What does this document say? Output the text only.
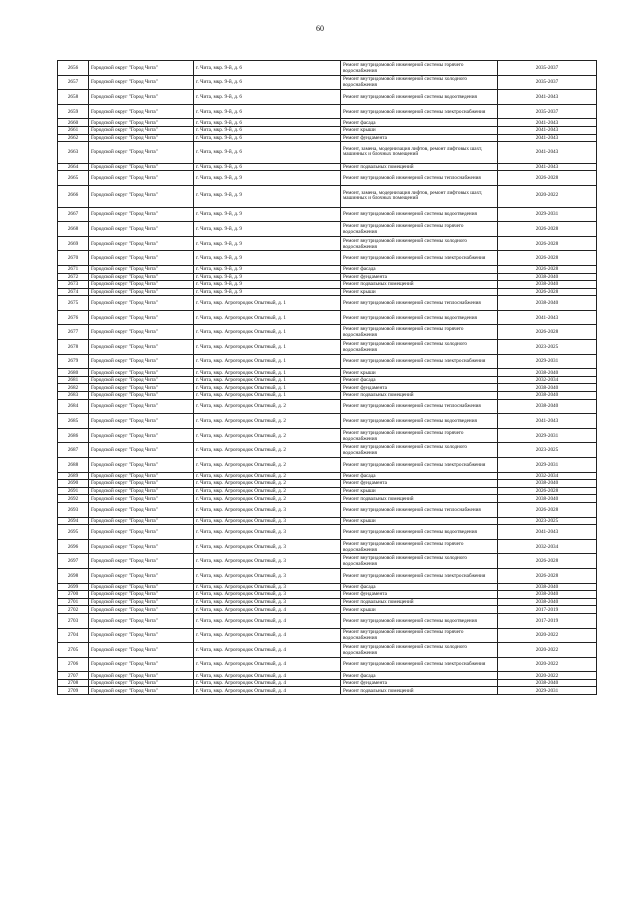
60
2656	Городской округ "Город Чита"	г. Чита, мкр. 9-й, д. 6	Ремонт внутридомовой инженерной системы горячего водоснабжения	2035-2037
2657	Городской округ "Город Чита"	г. Чита, мкр. 9-й, д. 6	Ремонт внутридомовой инженерной системы холодного водоснабжения	2035-2037
2658	Городской округ "Город Чита"	г. Чита, мкр. 9-й, д. 6	Ремонт внутридомовой инженерной системы водоотведения	2041-2043
2659	Городской округ "Город Чита"	г. Чита, мкр. 9-й, д. 6	Ремонт внутридомовой инженерной системы электроснабжения	2035-2037
2660	Городской округ "Город Чита"	г. Чита, мкр. 9-й, д. 6	Ремонт фасада	2041-2043
2661	Городской округ "Город Чита"	г. Чита, мкр. 9-й, д. 6	Ремонт крыши	2041-2043
2662	Городской округ "Город Чита"	г. Чита, мкр. 9-й, д. 6	Ремонт фундамента	2041-2043
2663	Городской округ "Город Чита"	г. Чита, мкр. 9-й, д. 6	Ремонт, замена, модернизация лифтов, ремонт лифтовых шахт, машинных и блочных помещений	2041-2043
2664	Городской округ "Город Чита"	г. Чита, мкр. 9-й, д. 6	Ремонт подвальных помещений	2041-2043
2665	Городской округ "Город Чита"	г. Чита, мкр. 9-й, д. 9	Ремонт внутридомовой инженерной системы теплоснабжения	2026-2028
2666	Городской округ "Город Чита"	г. Чита, мкр. 9-й, д. 9	Ремонт, замена, модернизация лифтов, ремонт лифтовых шахт, машинных и блочных помещений	2020-2022
2667	Городской округ "Город Чита"	г. Чита, мкр. 9-й, д. 9	Ремонт внутридомовой инженерной системы водоотведения	2029-2031
2668	Городской округ "Город Чита"	г. Чита, мкр. 9-й, д. 9	Ремонт внутридомовой инженерной системы горячего водоснабжения	2026-2028
2669	Городской округ "Город Чита"	г. Чита, мкр. 9-й, д. 9	Ремонт внутридомовой инженерной системы холодного водоснабжения	2026-2028
2670	Городской округ "Город Чита"	г. Чита, мкр. 9-й, д. 9	Ремонт внутридомовой инженерной системы электроснабжения	2026-2028
2671	Городской округ "Город Чита"	г. Чита, мкр. 9-й, д. 9	Ремонт фасада	2026-2028
2672	Городской округ "Город Чита"	г. Чита, мкр. 9-й, д. 9	Ремонт фундамента	2038-2040
2673	Городской округ "Город Чита"	г. Чита, мкр. 9-й, д. 9	Ремонт подвальных помещений	2038-2040
2674	Городской округ "Город Чита"	г. Чита, мкр. 9-й, д. 9	Ремонт крыши	2026-2028
2675	Городской округ "Город Чита"	г. Чита, мкр. Агрогородок Опытный, д. 1	Ремонт внутридомовой инженерной системы теплоснабжения	2038-2040
2676	Городской округ "Город Чита"	г. Чита, мкр. Агрогородок Опытный, д. 1	Ремонт внутридомовой инженерной системы водоотведения	2041-2043
2677	Городской округ "Город Чита"	г. Чита, мкр. Агрогородок Опытный, д. 1	Ремонт внутридомовой инженерной системы горячего водоснабжения	2026-2028
2678	Городской округ "Город Чита"	г. Чита, мкр. Агрогородок Опытный, д. 1	Ремонт внутридомовой инженерной системы холодного водоснабжения	2023-2025
2679	Городской округ "Город Чита"	г. Чита, мкр. Агрогородок Опытный, д. 1	Ремонт внутридомовой инженерной системы электроснабжения	2029-2031
2680	Городской округ "Город Чита"	г. Чита, мкр. Агрогородок Опытный, д. 1	Ремонт крыши	2038-2040
2681	Городской округ "Город Чита"	г. Чита, мкр. Агрогородок Опытный, д. 1	Ремонт фасада	2032-2034
2682	Городской округ "Город Чита"	г. Чита, мкр. Агрогородок Опытный, д. 1	Ремонт фундамента	2038-2040
2683	Городской округ "Город Чита"	г. Чита, мкр. Агрогородок Опытный, д. 1	Ремонт подвальных помещений	2038-2040
2684	Городской округ "Город Чита"	г. Чита, мкр. Агрогородок Опытный, д. 2	Ремонт внутридомовой инженерной системы теплоснабжения	2038-2040
2685	Городской округ "Город Чита"	г. Чита, мкр. Агрогородок Опытный, д. 2	Ремонт внутридомовой инженерной системы водоотведения	2041-2043
2686	Городской округ "Город Чита"	г. Чита, мкр. Агрогородок Опытный, д. 2	Ремонт внутридомовой инженерной системы горячего водоснабжения	2029-2031
2687	Городской округ "Город Чита"	г. Чита, мкр. Агрогородок Опытный, д. 2	Ремонт внутридомовой инженерной системы холодного водоснабжения	2023-2025
2688	Городской округ "Город Чита"	г. Чита, мкр. Агрогородок Опытный, д. 2	Ремонт внутридомовой инженерной системы электроснабжения	2029-2031
2689	Городской округ "Город Чита"	г. Чита, мкр. Агрогородок Опытный, д. 2	Ремонт фасада	2032-2034
2690	Городской округ "Город Чита"	г. Чита, мкр. Агрогородок Опытный, д. 2	Ремонт фундамента	2038-2040
2691	Городской округ "Город Чита"	г. Чита, мкр. Агрогородок Опытный, д. 2	Ремонт крыши	2026-2028
2692	Городской округ "Город Чита"	г. Чита, мкр. Агрогородок Опытный, д. 2	Ремонт подвальных помещений	2038-2040
2693	Городской округ "Город Чита"	г. Чита, мкр. Агрогородок Опытный, д. 3	Ремонт внутридомовой инженерной системы теплоснабжения	2026-2028
2694	Городской округ "Город Чита"	г. Чита, мкр. Агрогородок Опытный, д. 3	Ремонт крыши	2023-2025
2695	Городской округ "Город Чита"	г. Чита, мкр. Агрогородок Опытный, д. 3	Ремонт внутридомовой инженерной системы водоотведения	2041-2043
2696	Городской округ "Город Чита"	г. Чита, мкр. Агрогородок Опытный, д. 3	Ремонт внутридомовой инженерной системы горячего водоснабжения	2032-2034
2697	Городской округ "Город Чита"	г. Чита, мкр. Агрогородок Опытный, д. 3	Ремонт внутридомовой инженерной системы холодного водоснабжения	2026-2028
2698	Городской округ "Город Чита"	г. Чита, мкр. Агрогородок Опытный, д. 3	Ремонт внутридомовой инженерной системы электроснабжения	2026-2028
2699	Городской округ "Город Чита"	г. Чита, мкр. Агрогородок Опытный, д. 3	Ремонт фасада	2038-2040
2700	Городской округ "Город Чита"	г. Чита, мкр. Агрогородок Опытный, д. 3	Ремонт фундамента	2038-2040
2701	Городской округ "Город Чита"	г. Чита, мкр. Агрогородок Опытный, д. 3	Ремонт подвальных помещений	2038-2040
2702	Городской округ "Город Чита"	г. Чита, мкр. Агрогородок Опытный, д. 4	Ремонт крыши	2017-2019
2703	Городской округ "Город Чита"	г. Чита, мкр. Агрогородок Опытный, д. 4	Ремонт внутридомовой инженерной системы водоотведения	2017-2019
2704	Городской округ "Город Чита"	г. Чита, мкр. Агрогородок Опытный, д. 4	Ремонт внутридомовой инженерной системы горячего водоснабжения	2020-2022
2705	Городской округ "Город Чита"	г. Чита, мкр. Агрогородок Опытный, д. 4	Ремонт внутридомовой инженерной системы холодного водоснабжения	2020-2022
2706	Городской округ "Город Чита"	г. Чита, мкр. Агрогородок Опытный, д. 4	Ремонт внутридомовой инженерной системы электроснабжения	2020-2022
2707	Городской округ "Город Чита"	г. Чита, мкр. Агрогородок Опытный, д. 4	Ремонт фасада	2020-2022
2708	Городской округ "Город Чита"	г. Чита, мкр. Агрогородок Опытный, д. 4	Ремонт фундамента	2038-2040
2709	Городской округ "Город Чита"	г. Чита, мкр. Агрогородок Опытный, д. 4	Ремонт подвальных помещений	2029-2031
